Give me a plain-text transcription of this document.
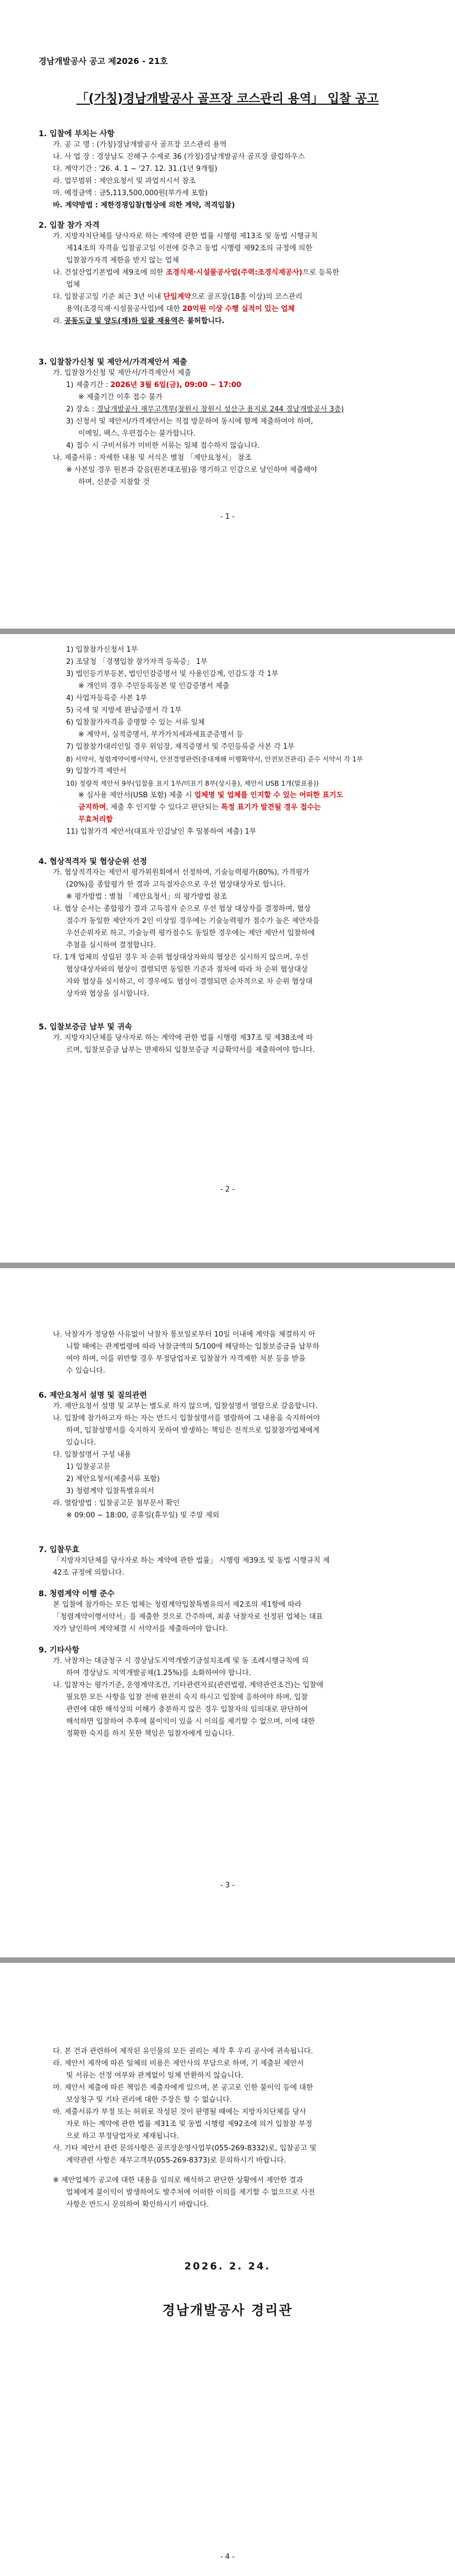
경남개발공사 공고 제2026 - 21호
「(가칭)경남개발공사 골프장 코스관리 용역」 입찰 공고

1. 입찰에 부치는 사항

가. 공 고 명 : (가칭)경남개발공사 골프장 코스관리 용역

나. 사 업 장 : 경상남도 진해구 수제로 36 (가칭)경남개발공사 골프장 클럽하우스

다. 계약기간 : '26. 4. 1 ~ '27. 12. 31.(1년 9개월)

라. 업무범위 : 제안요청서 및 과업지시서 참조

마. 예정금액 : 금5,113,500,000원(부가세 포함)

바. 계약방법 : 제한경쟁입찰(협상에 의한 계약, 적격입찰)

2. 입찰 참가 자격

가. 지방자치단체를 당사자로 하는 계약에 관한 법률 시행령 제13조 및 동법 시행규칙

제14조의 자격을 입찰공고일 이전에 갖추고 동법 시행령 제92조의 규정에 의한

입찰참가자격 제한을 받지 않는 업체

나. 건설산업기본법에 제9조에 의한 조경식재·시설물공사업(주력:조경식재공사)으로 등록한

업체

다. 입찰공고일 기준 최근 3년 이내 단일계약으로 골프장(18홀 이상)의 코스관리

용역(조경식재·시설물공사업)에 대한 20억원 이상 수행 실적이 있는 업체

라. 공동도급 및 양도(재)하 일괄 재용역은 불허합니다.

3. 입찰참가신청 및 제안서/가격제안서 제출

가. 입찰참가신청 및 제안서/가격제안서 제출

1) 제출기간 : 2026년 3월 6일(금), 09:00 ~ 17:00

※ 제출기간 이후 접수 불가

2) 장소 : 경남개발공사 재무고객부(창원시 창원시 성산구 용지로 244 경남개발공사 3층)

3) 신청서 및 제안서/가격제안서는 직접 방문하여 동시에 함께 제출하여야 하며,

이메일, 팩스, 우편접수는 불가합니다.

4) 접수 시 구비서류가 미비한 서류는 일체 접수하지 않습니다.

나. 제출서류 : 자세한 내용 및 서식은 별첨 「제안요청서」 참조

※ 사본일 경우 원본과 같음(원본대조필)을 명기하고 인감으로 날인하여 제출해야

하며, 신분증 지참할 것

- 1 -

1) 입찰참가신청서 1부

2) 조달청 「경쟁입찰 참가자격 등록증」 1부

3) 법인등기부등본, 법인인감증명서 및 사용인감계, 인감도장 각 1부

※ 개인의 경우 주민등록등본 및 인감증명서 제출

4) 사업자등록증 사본 1부

5) 국세 및 지방세 완납증명서 각 1부

6) 입찰참가자격을 증명할 수 있는 서류 일체

※ 계약서, 실적증명서, 부가가치세과세표준증명서 등

7) 입찰참가대리인일 경우 위임장, 재직증명서 및 주민등록증 사본 각 1부

8) 서약서, 청렴계약이행서약서, 안전경영관련(중대재해 이행확약서, 안전보건관리) 준수 서약서 각 1부

9) 입찰가격 제안서

10) 정량적 제안서 9부(입찰용 표지 1부/미표기 8부(상시용), 제안서 USB 1개(발표용))

※ 심사용 제안서(USB 포함) 제출 시 업체명 및 업체를 인지할 수 있는 어떠한 표기도

금지하며, 제출 후 인지할 수 있다고 판단되는 특정 표기가 발견될 경우 접수는

무효처리함

11) 입찰가격 제안서(대표자 인감날인 후 밀봉하여 제출) 1부

4. 협상적격자 및 협상순위 선정

가. 협상적격자는 제안서 평가위원회에서 선정하며, 기술능력평가(80%), 가격평가

(20%)를 종합평가 한 결과 고득점자순으로 우선 협상대상자로 합니다.

※ 평가방법 : 별첨 「제안요청서」의 평가방법 참조

나. 협상 순서는 종합평가 결과 고득점자 순으로 우선 협상 대상자를 결정하며, 협상

점수가 동일한 제안자가 2인 이상일 경우에는 기술능력평가 점수가 높은 제안자를

우선순위자로 하고, 기술능력 평가점수도 동일한 경우에는 제안 제안서 입찰하에

추첨을 실시하여 결정합니다.

다. 1개 업체의 성립된 경우 차 순위 협상대상자와의 협상은 실시하지 않으며, 우선

협상대상자와의 협상이 결렬되면 동일한 기준과 절차에 따라 차 순위 협상대상

자와 협상을 실시하고, 이 경우에도 협상이 결렬되면 순차적으로 차 순위 협상대

상자와 협상을 실시합니다.

5. 입찰보증금 납부 및 귀속

가. 지방자치단체를 당사자로 하는 계약에 관한 법률 시행령 제37조 및 제38조에 따

르며, 입찰보증금 납부는 면제하되 입찰보증금 지급확약서를 제출하여야 합니다.

- 2 -

나. 낙찰자가 정당한 사유없이 낙찰자 통보일로부터 10일 이내에 계약을 체결하지 아

니할 때에는 관계법령에 따라 낙찰금액의 5/100에 해당하는 입찰보증금을 납부하

여야 하며, 이를 위반할 경우 부정당업자로 입찰참가 자격제한 처분 등을 받을

수 있습니다.

6. 제안요청서 설명 및 질의관련

가. 제안요청서 설명 및 교부는 별도로 하지 않으며, 입찰설명서 열람으로 갈음합니다.

나. 입찰에 참가하고자 하는 자는 반드시 입찰설명서를 열람하여 그 내용을 숙지하여야

하며, 입찰설명서를 숙지하지 못하여 발생하는 책임은 전적으로 입찰참가업체에게

있습니다.

다. 입찰설명서 구성 내용

1) 입찰공고문

2) 제안요청서(제출서류 포함)

3) 청렴계약 입찰특별유의서

라. 열람방법 : 입찰공고문 첨부문서 확인

※ 09:00 ~ 18:00, 공휴일(휴무일) 및 주말 제외

7. 입찰무효

「지방자치단체를 당사자로 하는 계약에 관한 법률」 시행령 제39조 및 동법 시행규칙 제

42조 규정에 의합니다.

8. 청렴계약 이행 준수

본 입찰에 참가하는 모든 업체는 청렴계약입찰특별유의서 제2조의 제1항에 따라

「청렴계약이행서약서」를 제출한 것으로 간주하며, 최종 낙찰자로 선정된 업체는 대표

자가 날인하여 계약체결 시 서약서를 제출하여야 합니다.

9. 기타사항

가. 낙찰자는 대금청구 시 경상남도지역개발기금설치조례 및 동 조례시행규칙에 의

하여 경상남도 지역개발공채(1.25%)를 소화하여야 합니다.

나. 입찰자는 평가기준, 운영계약조건, 기타관련자료(관련법령, 계약관련조건)는 입찰에

필요한 모든 사항을 입찰 전에 완전히 숙지 하시고 입찰에 응하여야 하며, 입찰

관련에 대한 해석상의 이해가 충분하지 않은 경우 입찰자의 임의대로 판단하여

해석하면 입찰하여 추후에 불이익이 있을 시 이의를 제기할 수 없으며, 이에 대한

정확한 숙지를 하지 못한 책임은 입찰자에게 있습니다.

- 3 -

다. 본 건과 관련하여 제작된 유인물의 모든 권리는 제작 후 우리 공사에 귀속됩니다.

라. 제안서 제작에 따른 일체의 비용은 제안사의 부담으로 하며, 기 제출된 제안서

및 서류는 선정 여부와 관계없이 일체 반환하지 않습니다.

마. 제안서 제출에 따른 책임은 제출자에게 있으며, 본 공고로 인한 불이익 등에 대한

보상청구 및 기타 권리에 대한 주장은 할 수 없습니다.

바. 제출서류가 부정 또는 허위로 작성된 것이 판명될 때에는 지방자치단체를 당사

자로 하는 계약에 관한 법률 제31조 및 동법 시행령 제92조에 의거 입찰참 부정

으로 하고 부정당업자로 제재됩니다.

사. 기타 제안서 관련 문의사항은 골프장운영사업부(055-269-8332)로, 입찰공고 및

계약관련 사항은 재무고객부(055-269-8373)로 문의하시기 바랍니다.

※ 제안업체가 공고에 대한 내용을 임의로 해석하고 판단한 상황에서 제안한 결과

업체에게 불이익이 발생하여도 발주처에 어떠한 이의를 제기할 수 없으므로 사전

사항은 반드시 문의하여 확인하시기 바랍니다.

2026. 2. 24.
경남개발공사 경리관
- 4 -
